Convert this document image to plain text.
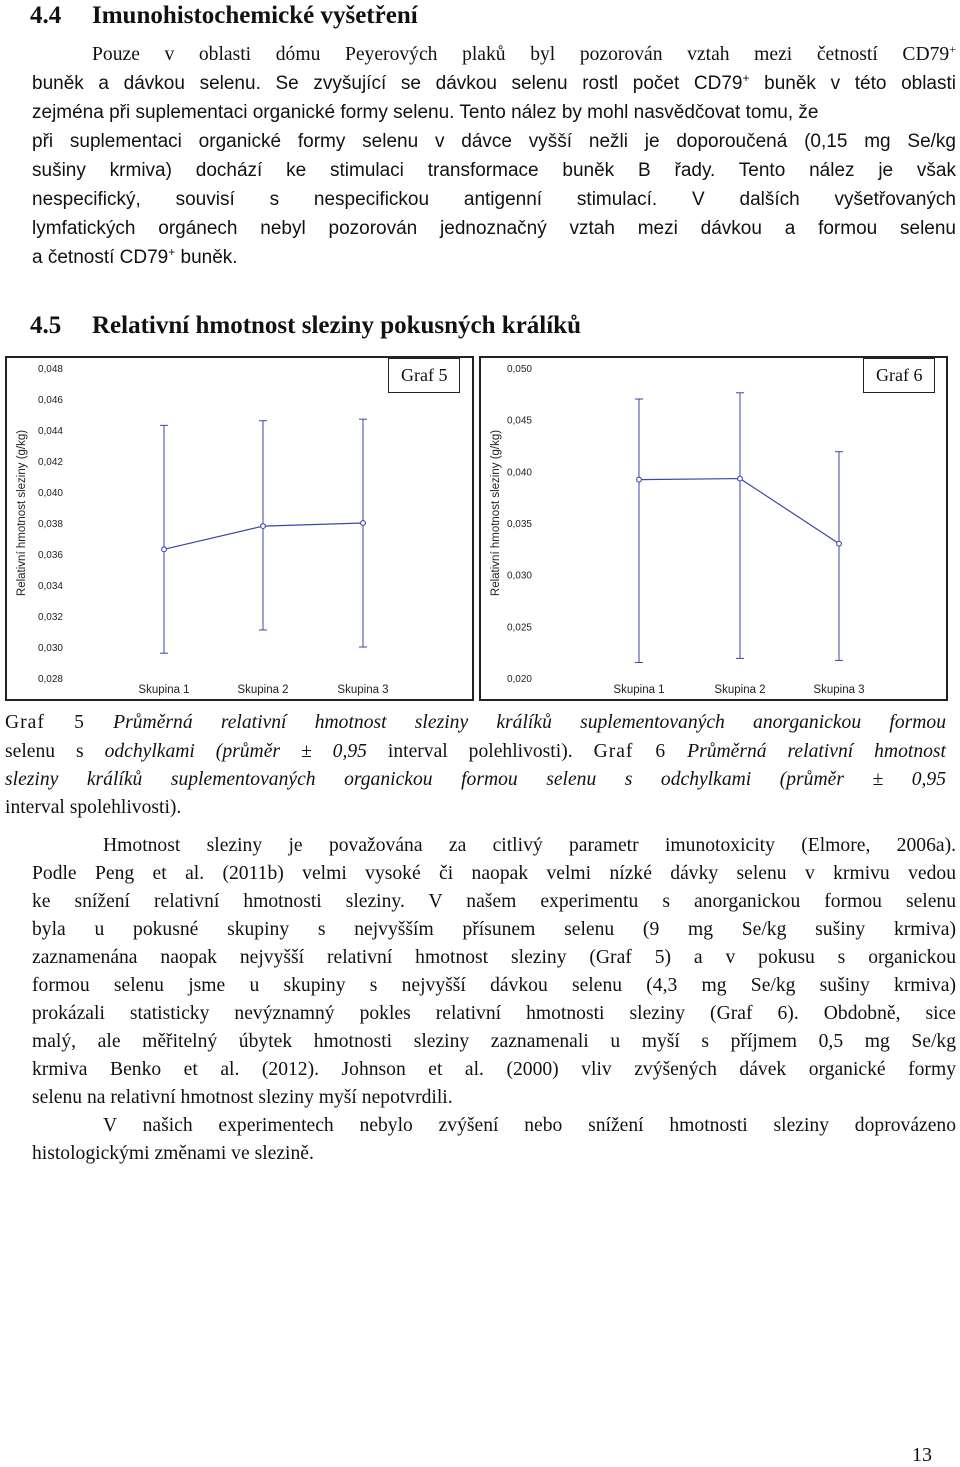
4.4 Imunohistochemické vyšetření
Pouze v oblasti dómu Peyerových plaků byl pozorován vztah mezi četností CD79+
buněk a dávkou selenu. Se zvyšující se dávkou selenu rostl počet CD79+ buněk v této oblasti
zejména při suplementaci organické formy selenu. Tento nález by mohl nasvědčovat tomu, že
při suplementaci organické formy selenu v dávce vyšší nežli je doporoučená (0,15 mg Se/kg
sušiny krmiva) dochází ke stimulaci transformace buněk B řady. Tento nález je však
nespecifický, souvisí s nespecifickou antigenní stimulací. V dalších vyšetřovaných
lymfatických orgánech nebyl pozorován jednoznačný vztah mezi dávkou a formou selenu
a četností CD79+ buněk.
4.5 Relativní hmotnost sleziny pokusných králíků
0,028
0,030
0,032
0,034
0,036
0,038
0,040
0,042
0,044
0,046
0,048
Relativní hmotnost sleziny (g/kg)
Skupina 1	Skupina 2	Skupina 3
Graf 5
0,020
0,025
0,030
0,035
0,040
0,045
0,050
Relativní hmotnost sleziny (g/kg)
Skupina 1	Skupina 2	Skupina 3
Graf 6
Graf 5 Průměrná relativní hmotnost sleziny králíků suplementovaných anorganickou formou
selenu s odchylkami (průměr ± 0,95 interval polehlivosti). Graf 6 Průměrná relativní hmotnost
sleziny králíků suplementovaných organickou formou selenu s odchylkami (průměr ± 0,95
interval spolehlivosti).
Hmotnost sleziny je považována za citlivý parametr imunotoxicity (Elmore, 2006a).
Podle Peng et al. (2011b) velmi vysoké či naopak velmi nízké dávky selenu v krmivu vedou
ke snížení relativní hmotnosti sleziny. V našem experimentu s anorganickou formou selenu
byla u pokusné skupiny s nejvyšším přísunem selenu (9 mg Se/kg sušiny krmiva)
zaznamenána naopak nejvyšší relativní hmotnost sleziny (Graf 5) a v pokusu s organickou
formou selenu jsme u skupiny s nejvyšší dávkou selenu (4,3 mg Se/kg sušiny krmiva)
prokázali statisticky nevýznamný pokles relativní hmotnosti sleziny (Graf 6). Obdobně, sice
malý, ale měřitelný úbytek hmotnosti sleziny zaznamenali u myší s příjmem 0,5 mg Se/kg
krmiva Benko et al. (2012). Johnson et al. (2000) vliv zvýšených dávek organické formy
selenu na relativní hmotnost sleziny myší nepotvrdili.
V našich experimentech nebylo zvýšení nebo snížení hmotnosti sleziny doprovázeno
histologickými změnami ve slezině.
13
